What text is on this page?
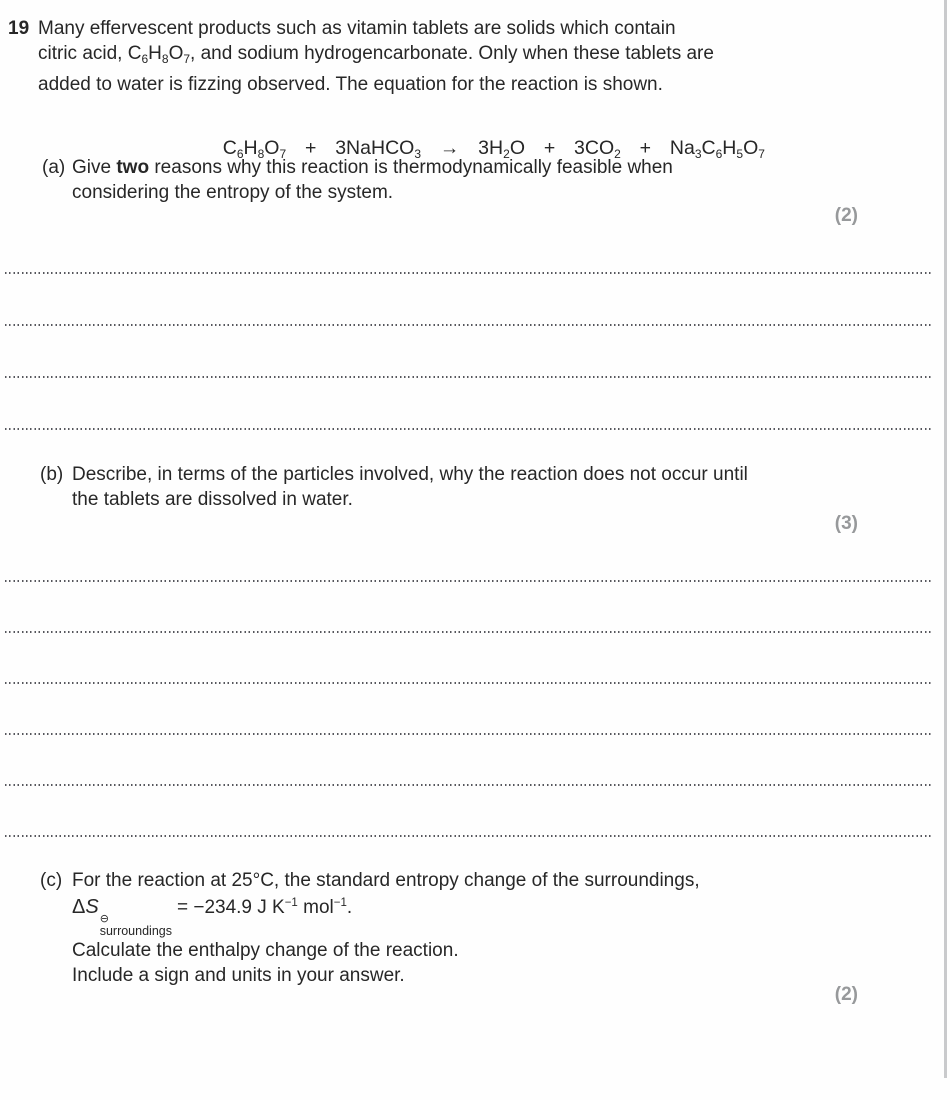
19 Many effervescent products such as vitamin tablets are solids which contain
citric acid, $C_6H_8O_7$, and sodium hydrogencarbonate. Only when these tablets are
added to water is fizzing observed. The equation for the reaction is shown.

$C_6H_8O_7$  +  3NaHCO$_3$  →  $3H_2O + 3CO_2 + Na_3C_6H_5O_7$

(a) Give two reasons why this reaction is thermodynamically feasible when
considering the entropy of the system.
(2)
(b) Describe, in terms of the particles involved, why the reaction does not occur until
the tablets are dissolved in water.
(3)
(c) For the reaction at 25°C, the standard entropy change of the surroundings,
ΔS
⊖
surroundings
= −234.9 J $K^{-1}$ mol$^{-1}$.
Calculate the enthalpy change of the reaction.
Include a sign and units in your answer.
(2)
